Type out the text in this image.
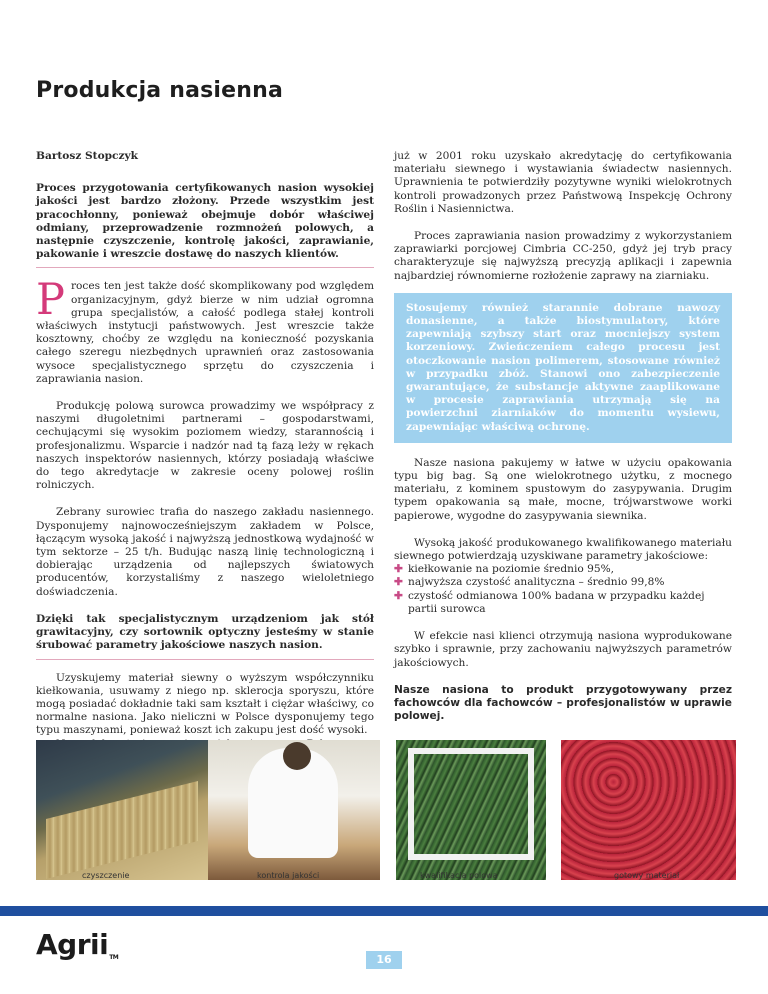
Produkcja nasienna

Bartosz Stopczyk

Proces przygotowania certyfikowanych nasion wysokiej jakości jest bardzo złożony. Przede wszystkim jest pracochłonny, ponieważ obejmuje dobór właściwej odmiany, przeprowadzenie rozmnożeń polowych, a następnie czyszczenie, kontrolę jakości, zaprawianie, pakowanie i wreszcie dostawę do naszych klientów.

Proces ten jest także dość skomplikowany pod względem organizacyjnym, gdyż bierze w nim udział ogromna grupa specjalistów, a całość podlega stałej kontroli właściwych instytucji państwowych. Jest wreszcie także kosztowny, choćby ze względu na konieczność pozyskania całego szeregu niezbędnych uprawnień oraz zastosowania wysoce specjalistycznego sprzętu do czyszczenia i zaprawiania nasion.

Produkcję polową surowca prowadzimy we współpracy z naszymi długoletnimi partnerami – gospodarstwami, cechującymi się wysokim poziomem wiedzy, starannością i profesjonalizmu. Wsparcie i nadzór nad tą fazą leży w rękach naszych inspektorów nasiennych, którzy posiadają właściwe do tego akredytacje w zakresie oceny polowej roślin rolniczych.

Zebrany surowiec trafia do naszego zakładu nasiennego. Dysponujemy najnowocześniejszym zakładem w Polsce, łączącym wysoką jakość i najwyższą jednostkową wydajność w tym sektorze – 25 t/h. Budując naszą linię technologiczną i dobierając urządzenia od najlepszych światowych producentów, korzystaliśmy z naszego wieloletniego doświadczenia.

Dzięki tak specjalistycznym urządzeniom jak stół grawitacyjny, czy sortownik optyczny jesteśmy w stanie śrubować parametry jakościowe naszych nasion.

Uzyskujemy materiał siewny o wyższym współczynniku kiełkowania, usuwamy z niego np. sklerocja sporyszu, które mogą posiadać dokładnie taki sam kształt i ciężar właściwy, co normalne nasiona. Jako nieliczni w Polsce dysponujemy tego typu maszynami, ponieważ koszt ich zakupu jest dość wysoki.

już w 2001 roku uzyskało akredytację do certyfikowania materiału siewnego i wystawiania świadectw nasiennych. Uprawnienia te potwierdziły pozytywne wyniki wielokrotnych kontroli prowadzonych przez Państwową Inspekcję Ochrony Roślin i Nasiennictwa.

Proces zaprawiania nasion prowadzimy z wykorzystaniem zaprawiarki porcjowej Cimbria CC-250, gdyż jej tryb pracy charakteryzuje się najwyższą precyzją aplikacji i zapewnia najbardziej równomierne rozłożenie zaprawy na ziarniaku.

Stosujemy również starannie dobrane nawozy donasienne, a także biostymulatory, które zapewniają szybszy start oraz mocniejszy system korzeniowy. Zwieńczeniem całego procesu jest otoczkowanie nasion polimerem, stosowane również w przypadku zbóż. Stanowi ono zabezpieczenie gwarantujące, że substancje aktywne zaaplikowane w procesie zaprawiania utrzymają się na powierzchni ziarniaków do momentu wysiewu, zapewniając właściwą ochronę.

Nasze nasiona pakujemy w łatwe w użyciu opakowania typu big bag. Są one wielokrotnego użytku, z mocnego materiału, z kominem spustowym do zasypywania. Drugim typem opakowania są małe, mocne, trójwarstwowe worki papierowe, wygodne do zasypywania siewnika.

Wysoką jakość produkowanego kwalifikowanego materiału siewnego potwierdzają uzyskiwane parametry jakościowe:

✚ kiełkowanie na poziomie średnio 95%,
✚ najwyższa czystość analityczna – średnio 99,8%
✚ czystość odmianowa 100% badana w przypadku każdej partii surowca

W efekcie nasi klienci otrzymują nasiona wyprodukowane szybko i sprawnie, przy zachowaniu najwyższych parametrów jakościowych.

Nasze nasiona to produkt przygotowywany przez fachowców dla fachowców – profesjonalistów w uprawie polowej.

czyszczenie	kontrola jakości	kwalifikacja polowa	gotowy materiał
AgriiTM	16
